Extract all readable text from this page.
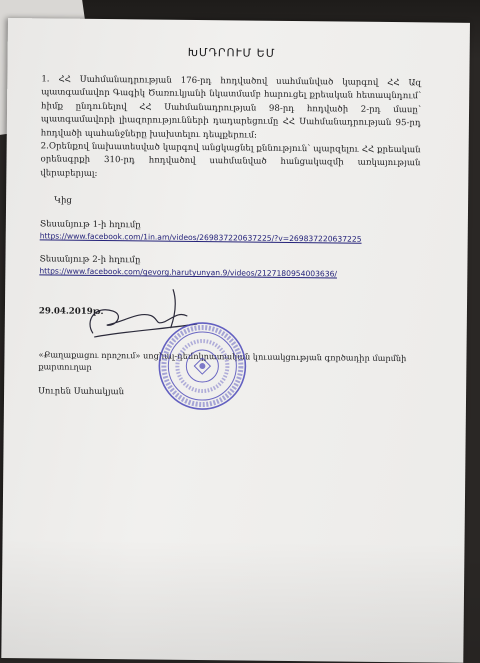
ԽՄԴՐՈՒՄ ԵՄ

1. ՀՀ Սահմանադրության 176-րդ հոդվածով սահմանված կարգով ՀՀ Ազ պատգամավոր Գագիկ Ծառուկյանի նկատմամբ հարուցել քրեական հետապնդում՝ հիմք ընդունելով ՀՀ Սահմանադրության 98-րդ հոդվածի 2-րդ մասը՝ պատգամավորի լիազորությունների դադարեցումը ՀՀ Սահմանադրության 95-րդ հոդվածի պահանջները խախտելու դեպքերում:

2.Օրենքով նախատեսված կարգով անցկացնել քննություն՝ պարզելու ՀՀ քրեական օրենսգրքի 310-րդ հոդվածով սահմանված հանցակազմի առկայության վերաբերյալ:

Կից
Տեսանյութ 1-ի հղումը
https://www.facebook.com/1in.am/videos/269837220637225/?v=269837220637225
Տեսանյութ 2-ի հղումը
https://www.facebook.com/gevorg.harutyunyan.9/videos/2127180954003636/
29.04.2019թ.
«Քաղաքացու որոշում» սոցիալ-դեմոկրատական կուսակցության գործադիր մարմնի քարտուղար
Սուրեն Սահակյան
